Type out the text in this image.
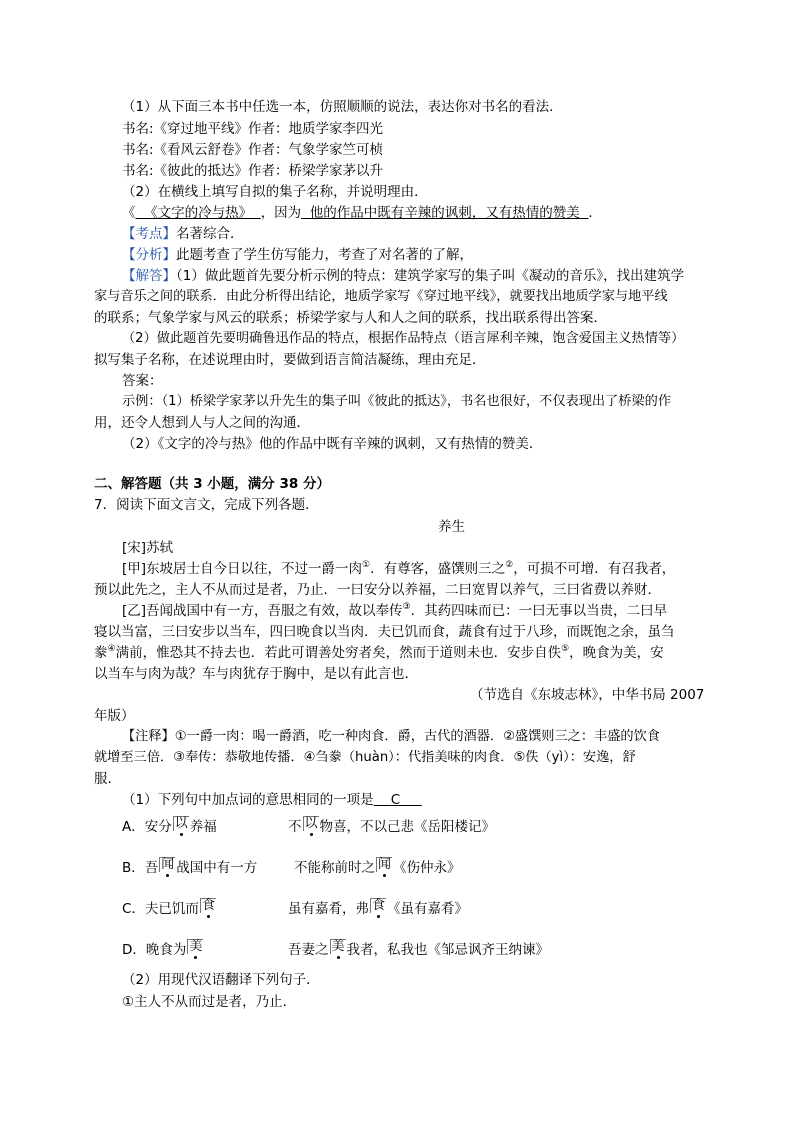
（1）从下面三本书中任选一本，仿照顺顺的说法，表达你对书名的看法．
书名:《穿过地平线》作者：地质学家李四光
书名:《看风云舒卷》作者：气象学家竺可桢
书名:《彼此的抵达》作者：桥梁学家茅以升
（2）在横线上填写自拟的集子名称，并说明理由．
《 《文字的冷与热》 ，因为 他的作品中既有辛辣的讽刺，又有热情的赞美 ．
【考点】名著综合．
【分析】此题考查了学生仿写能力，考查了对名著的了解，
【解答】（1）做此题首先要分析示例的特点：建筑学家写的集子叫《凝动的音乐》，找出建筑学
家与音乐之间的联系．由此分析得出结论，地质学家写《穿过地平线》，就要找出地质学家与地平线
的联系；气象学家与风云的联系；桥梁学家与人和人之间的联系，找出联系得出答案．
（2）做此题首先要明确鲁迅作品的特点，根据作品特点（语言犀利辛辣，饱含爱国主义热情等）
拟写集子名称，在述说理由时，要做到语言简洁凝练，理由充足．
答案：
示例：（1）桥梁学家茅以升先生的集子叫《彼此的抵达》，书名也很好，不仅表现出了桥梁的作
用，还令人想到人与人之间的沟通．
（2）《文字的冷与热》他的作品中既有辛辣的讽刺，又有热情的赞美．
二、解答题（共 3 小题，满分 38 分）
7．阅读下面文言文，完成下列各题．
养生
[宋]苏轼
[甲]东坡居士自今日以往，不过一爵一肉①．有尊客，盛馔则三之②，可损不可增．有召我者，
预以此先之，主人不从而过是者，乃止．一曰安分以养福，二曰宽胃以养气，三曰省费以养财．
[乙]吾闻战国中有一方，吾服之有效，故以奉传③．其药四味而已：一曰无事以当贵，二曰早
寝以当富，三曰安步以当车，四曰晚食以当肉．夫已饥而食，蔬食有过于八珍，而既饱之余，虽刍
豢④满前，惟恐其不持去也．若此可谓善处穷者矣，然而于道则未也．安步自佚⑤，晚食为美，安
以当车与肉为哉？车与肉犹存于胸中，是以有此言也．
（节选自《东坡志林》，中华书局 2007
年版）
【注释】①一爵一肉：喝一爵酒，吃一种肉食．爵，古代的酒器．②盛馔则三之：丰盛的饮食
就增至三倍．③奉传：恭敬地传播．④刍豢（huàn）：代指美味的肉食．⑤佚（yì）：安逸，舒
服．
（1）下列句中加点词的意思相同的一项是 C
A．安分 以 养福	不 以 物喜，不以己悲《岳阳楼记》
B．吾 闻 战国中有一方	不能称前时之 闻 《伤仲永》
C．夫已饥而 食	虽有嘉肴，弗 食 《虽有嘉肴》
D．晚食为 美	吾妻之 美 我者，私我也《邹忌讽齐王纳谏》
（2）用现代汉语翻译下列句子．
①主人不从而过是者，乃止．
